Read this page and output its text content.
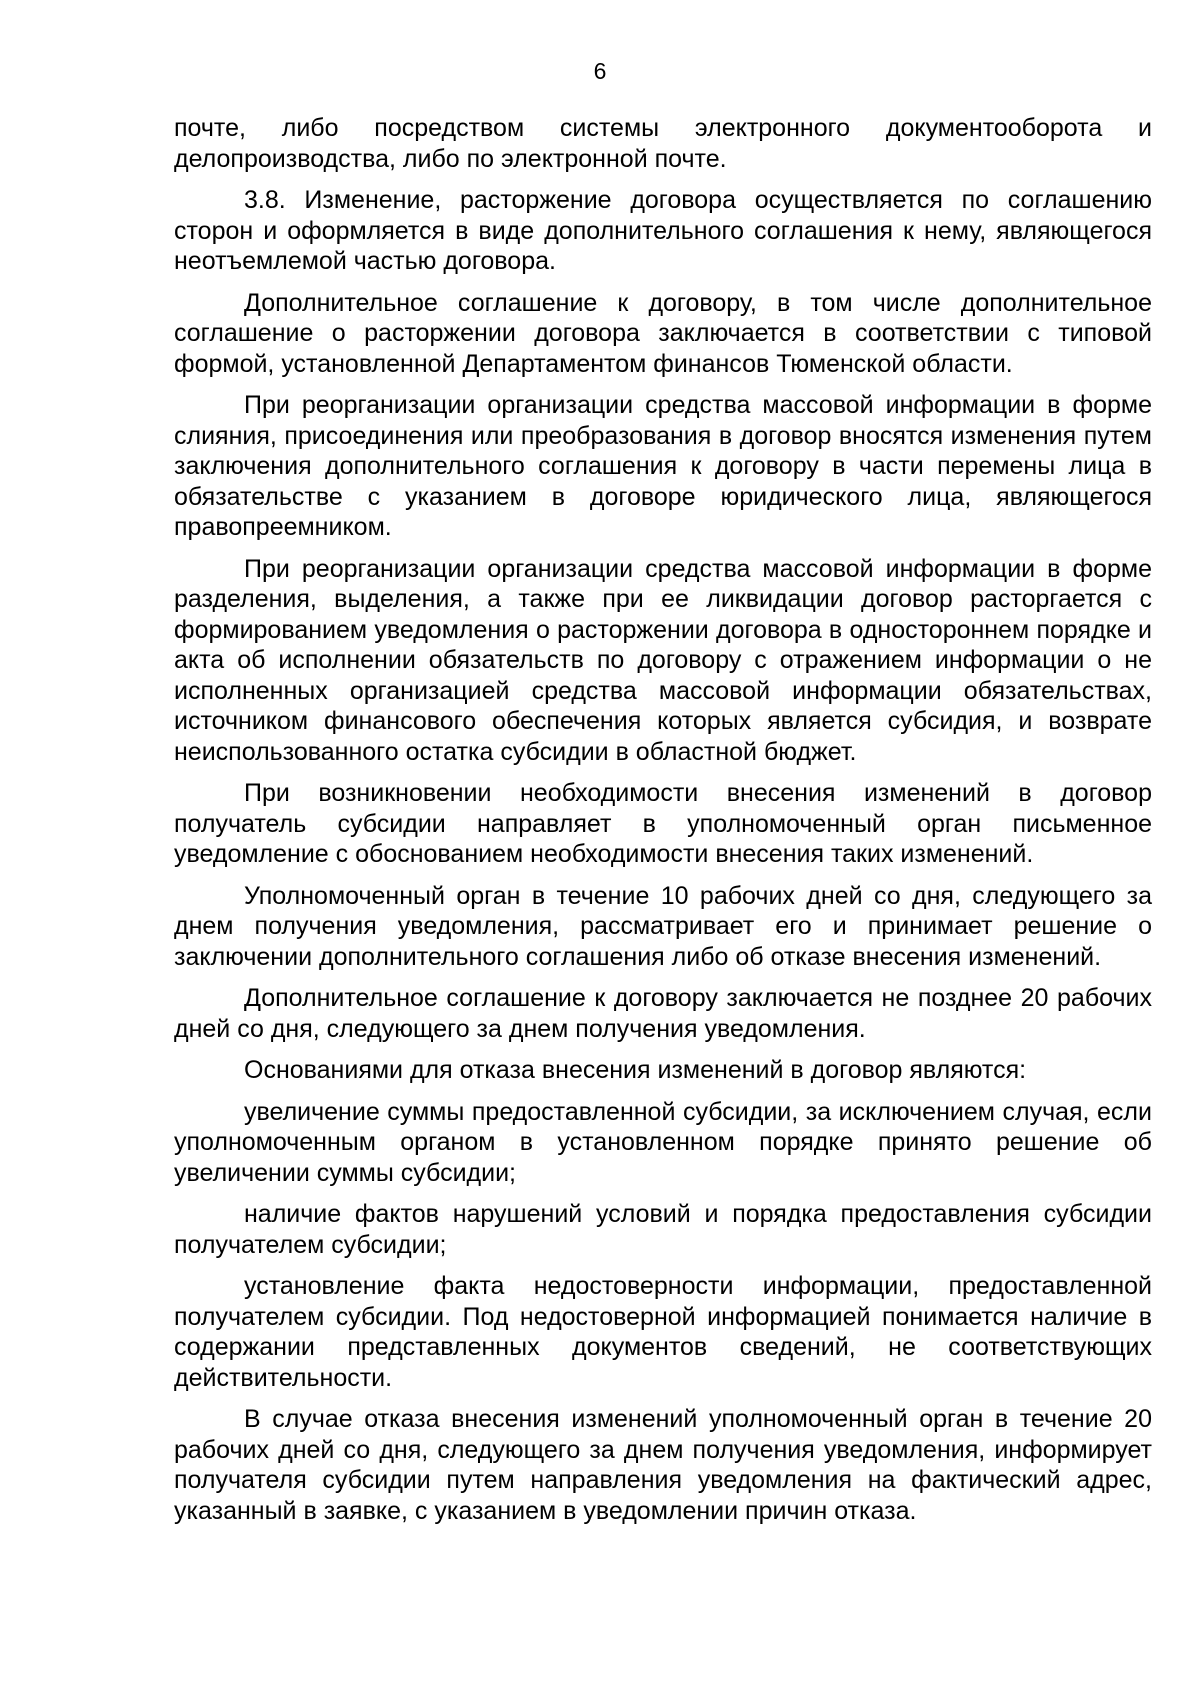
6

почте, либо посредством системы электронного документооборота и делопроизводства, либо по электронной почте.

3.8. Изменение, расторжение договора осуществляется по соглашению сторон и оформляется в виде дополнительного соглашения к нему, являющегося неотъемлемой частью договора.

Дополнительное соглашение к договору, в том числе дополнительное соглашение о расторжении договора заключается в соответствии с типовой формой, установленной Департаментом финансов Тюменской области.

При реорганизации организации средства массовой информации в форме слияния, присоединения или преобразования в договор вносятся изменения путем заключения дополнительного соглашения к договору в части перемены лица в обязательстве с указанием в договоре юридического лица, являющегося правопреемником.

При реорганизации организации средства массовой информации в форме разделения, выделения, а также при ее ликвидации договор расторгается с формированием уведомления о расторжении договора в одностороннем порядке и акта об исполнении обязательств по договору с отражением информации о не исполненных организацией средства массовой информации обязательствах, источником финансового обеспечения которых является субсидия, и возврате неиспользованного остатка субсидии в областной бюджет.

При возникновении необходимости внесения изменений в договор получатель субсидии направляет в уполномоченный орган письменное уведомление с обоснованием необходимости внесения таких изменений.

Уполномоченный орган в течение 10 рабочих дней со дня, следующего за днем получения уведомления, рассматривает его и принимает решение о заключении дополнительного соглашения либо об отказе внесения изменений.

Дополнительное соглашение к договору заключается не позднее 20 рабочих дней со дня, следующего за днем получения уведомления.

Основаниями для отказа внесения изменений в договор являются:

увеличение суммы предоставленной субсидии, за исключением случая, если уполномоченным органом в установленном порядке принято решение об увеличении суммы субсидии;

наличие фактов нарушений условий и порядка предоставления субсидии получателем субсидии;

установление факта недостоверности информации, предоставленной получателем субсидии. Под недостоверной информацией понимается наличие в содержании представленных документов сведений, не соответствующих действительности.

В случае отказа внесения изменений уполномоченный орган в течение 20 рабочих дней со дня, следующего за днем получения уведомления, информирует получателя субсидии путем направления уведомления на фактический адрес, указанный в заявке, с указанием в уведомлении причин отказа.
